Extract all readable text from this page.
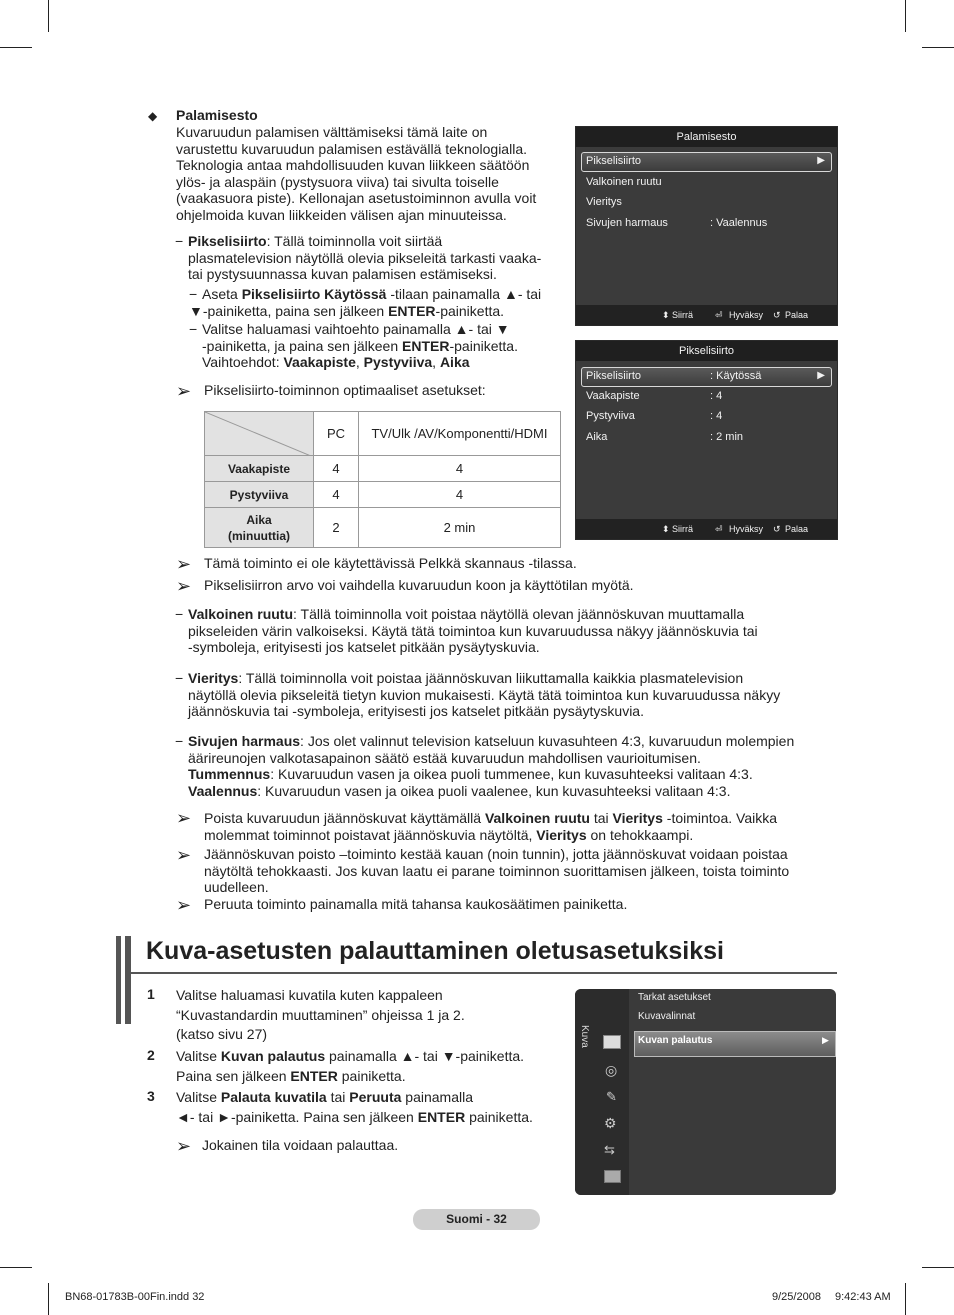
◆ Palamisesto
Kuvaruudun palamisen välttämiseksi tämä laite on
varustettu kuvaruudun palamisen estävällä teknologialla.
Teknologia antaa mahdollisuuden kuvan liikkeen säätöön
ylös- ja alaspäin (pystysuora viiva) tai sivulta toiselle
(vaakasuora piste). Kellonajan asetustoiminnon avulla voit
ohjelmoida kuvan liikkeiden välisen ajan minuuteissa.
− Pikselisiirto: Tällä toiminnolla voit siirtää
plasmatelevision näytöllä olevia pikseleitä tarkasti vaaka-
tai pystysuunnassa kuvan palamisen estämiseksi.
− Aseta Pikselisiirto Käytössä -tilaan painamalla ▲- tai
▼-painiketta, paina sen jälkeen ENTER-painiketta.
− Valitse haluamasi vaihtoehto painamalla ▲- tai ▼
-painiketta, ja paina sen jälkeen ENTER-painiketta.
Vaihtoehdot: Vaakapiste, Pystyviiva, Aika
➢ Pikselisiirto-toiminnon optimaaliset asetukset:
	PC	TV/Ulk /AV/Komponentti/HDMI
Vaakapiste	4	4
Pystyviiva	4	4

Aika
(minuuttia)	2	2 min
Palamisesto
Pikselisiirto	▶
Valkoinen ruutu
Vieritys
Sivujen harmaus	: Vaalennus
⬍ Siirrä ⏎ Hyväksy ↺ Palaa
Pikselisiirto
Pikselisiirto	: Käytössä	▶
Vaakapiste	: 4
Pystyviiva	: 4
Aika	: 2 min
⬍ Siirrä ⏎ Hyväksy ↺ Palaa
➢ Tämä toiminto ei ole käytettävissä Pelkkä skannaus -tilassa.
➢ Pikselisiirron arvo voi vaihdella kuvaruudun koon ja käyttötilan myötä.
− Valkoinen ruutu: Tällä toiminnolla voit poistaa näytöllä olevan jäännöskuvan muuttamalla
pikseleiden värin valkoiseksi. Käytä tätä toimintoa kun kuvaruudussa näkyy jäännöskuvia tai
-symboleja, erityisesti jos katselet pitkään pysäytyskuvia.
− Vieritys: Tällä toiminnolla voit poistaa jäännöskuvan liikuttamalla kaikkia plasmatelevision
näytöllä olevia pikseleitä tietyn kuvion mukaisesti. Käytä tätä toimintoa kun kuvaruudussa näkyy
jäännöskuvia tai -symboleja, erityisesti jos katselet pitkään pysäytyskuvia.
− Sivujen harmaus: Jos olet valinnut television katseluun kuvasuhteen 4:3, kuvaruudun molempien
äärireunojen valkotasapainon säätö estää kuvaruudun mahdollisen vaurioitumisen.
Tummennus: Kuvaruudun vasen ja oikea puoli tummenee, kun kuvasuhteeksi valitaan 4:3.
Vaalennus: Kuvaruudun vasen ja oikea puoli vaalenee, kun kuvasuhteeksi valitaan 4:3.
➢ Poista kuvaruudun jäännöskuvat käyttämällä Valkoinen ruutu tai Vieritys -toimintoa. Vaikka
molemmat toiminnot poistavat jäännöskuvia näytöltä, Vieritys on tehokkaampi.
➢ Jäännöskuvan poisto –toiminto kestää kauan (noin tunnin), jotta jäännöskuvat voidaan poistaa
näytöltä tehokkaasti. Jos kuvan laatu ei parane toiminnon suorittamisen jälkeen, toista toiminto
uudelleen.
➢ Peruuta toiminto painamalla mitä tahansa kaukosäätimen painiketta.
Kuva-asetusten palauttaminen oletusasetuksiksi
1 Valitse haluamasi kuvatila kuten kappaleen
“Kuvastandardin muuttaminen” ohjeissa 1 ja 2.
(katso sivu 27)
2 Valitse Kuvan palautus painamalla ▲- tai ▼-painiketta.
Paina sen jälkeen ENTER painiketta.
3 Valitse Palauta kuvatila tai Peruuta painamalla
◄- tai ►-painiketta. Paina sen jälkeen ENTER painiketta.
➢ Jokainen tila voidaan palauttaa.
Kuva
◎
✎
⚙
⇆
Tarkat asetukset
Kuvavalinnat
Kuvan palautus	▶
Suomi - 32
BN68-01783B-00Fin.indd 32	9/25/2008 9:42:43 AM
